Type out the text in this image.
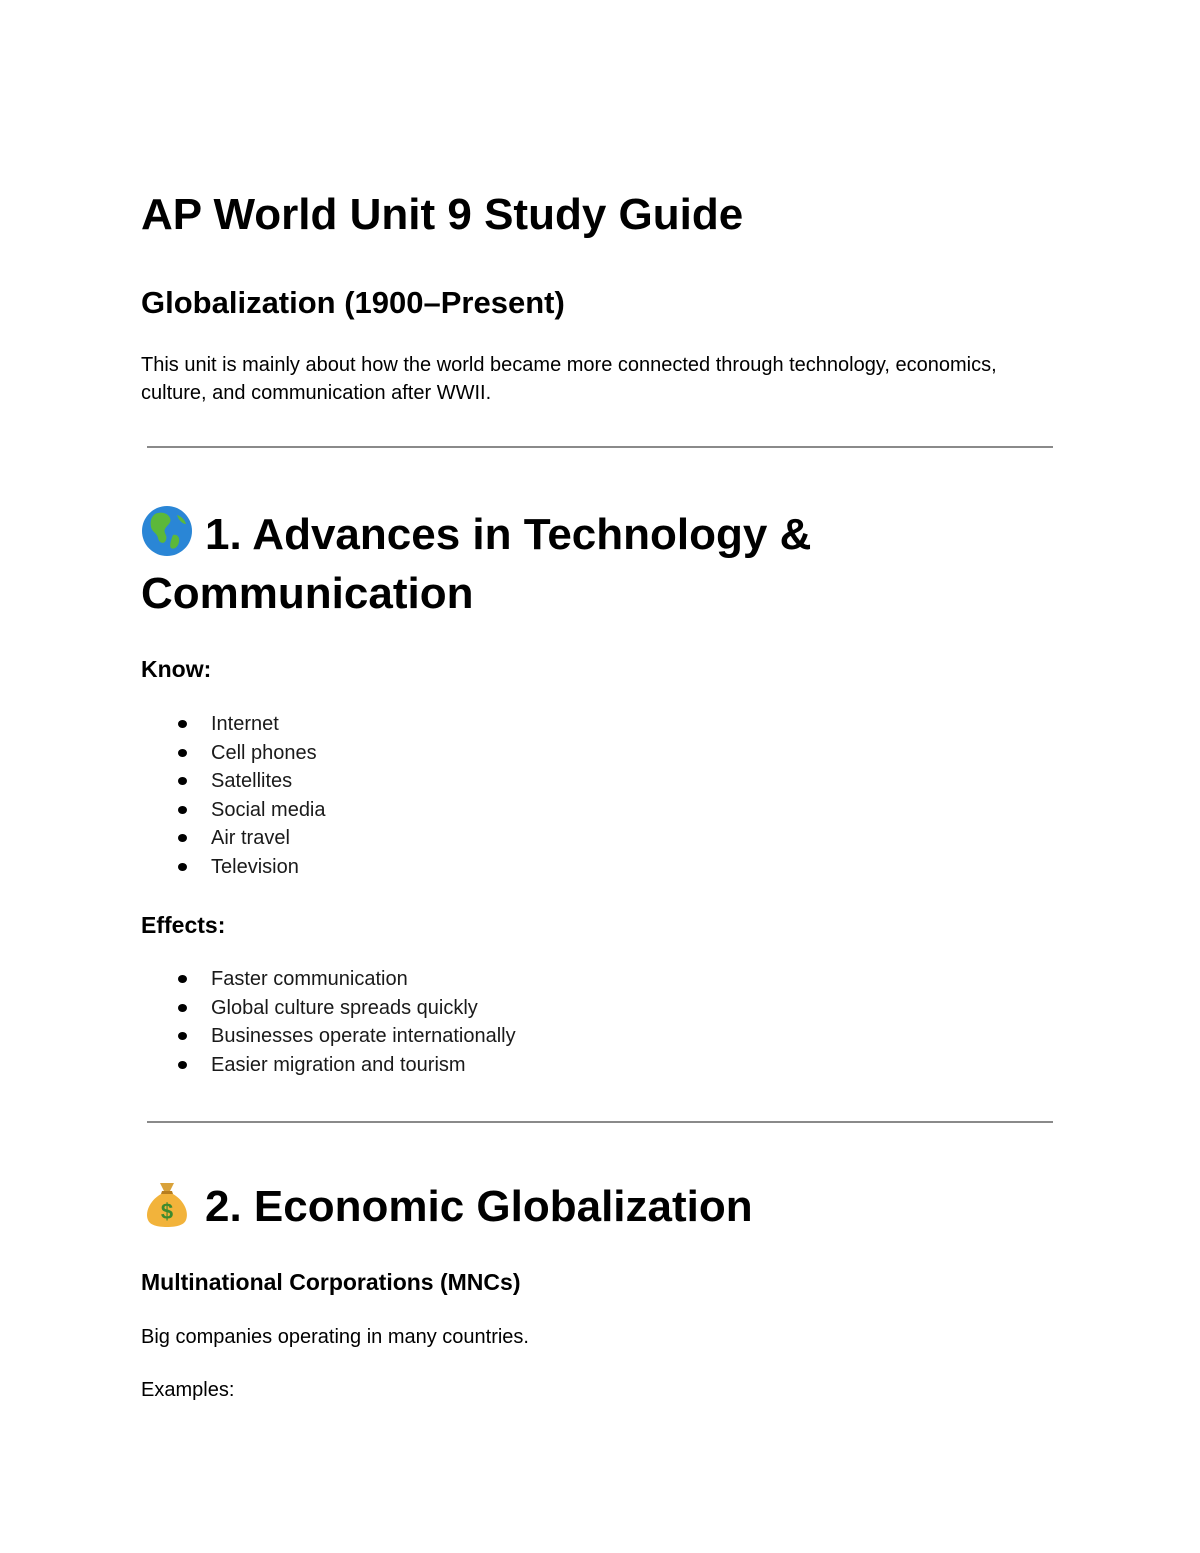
AP World Unit 9 Study Guide
Globalization (1900–Present)

This unit is mainly about how the world became more connected through technology, economics, culture, and communication after WWII.

1. Advances in Technology & Communication
Know:
Internet
Cell phones
Satellites
Social media
Air travel
Television
Effects:
Faster communication
Global culture spreads quickly
Businesses operate internationally
Easier migration and tourism
$ 2. Economic Globalization
Multinational Corporations (MNCs)
Big companies operating in many countries.
Examples:
